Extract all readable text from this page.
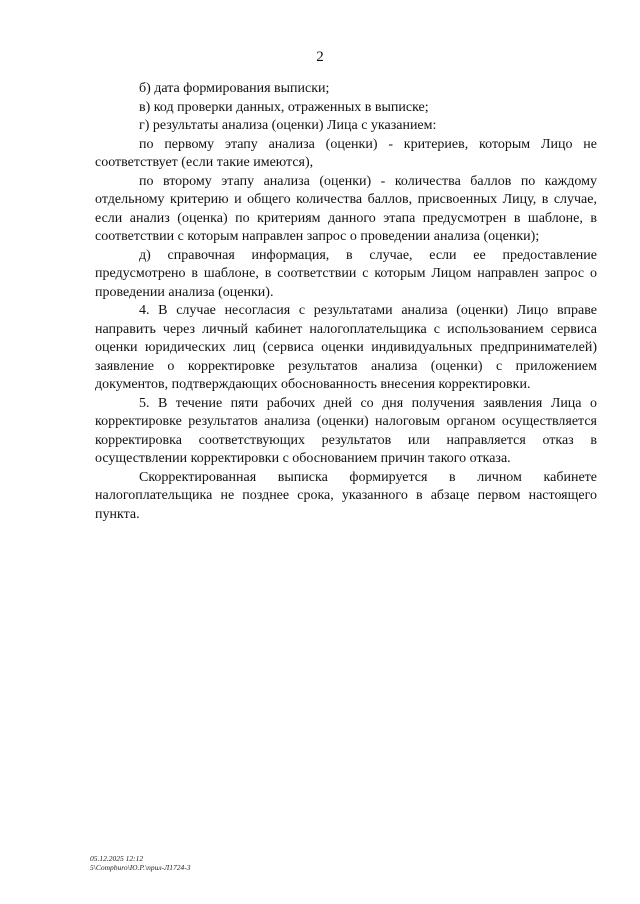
2

б) дата формирования выписки;

в) код проверки данных, отраженных в выписке;

г) результаты анализа (оценки) Лица с указанием:

по первому этапу анализа (оценки) - критериев, которым Лицо не соответствует (если такие имеются),

по второму этапу анализа (оценки) - количества баллов по каждому отдельному критерию и общего количества баллов, присвоенных Лицу, в случае, если анализ (оценка) по критериям данного этапа предусмотрен в шаблоне, в соответствии с которым направлен запрос о проведении анализа (оценки);

д) справочная информация, в случае, если ее предоставление предусмотрено в шаблоне, в соответствии с которым Лицом направлен запрос о проведении анализа (оценки).

4. В случае несогласия с результатами анализа (оценки) Лицо вправе направить через личный кабинет налогоплательщика с использованием сервиса оценки юридических лиц (сервиса оценки индивидуальных предпринимателей) заявление о корректировке результатов анализа (оценки) с приложением документов, подтверждающих обоснованность внесения корректировки.

5. В течение пяти рабочих дней со дня получения заявления Лица о корректировке результатов анализа (оценки) налоговым органом осуществляется корректировка соответствующих результатов или направляется отказ в осуществлении корректировки с обоснованием причин такого отказа.

Скорректированная выписка формируется в личном кабинете налогоплательщика не позднее срока, указанного в абзаце первом настоящего пункта.

05.12.2025 12:12
5\Compburo\Ю.Р.\прил-Л1724-3
